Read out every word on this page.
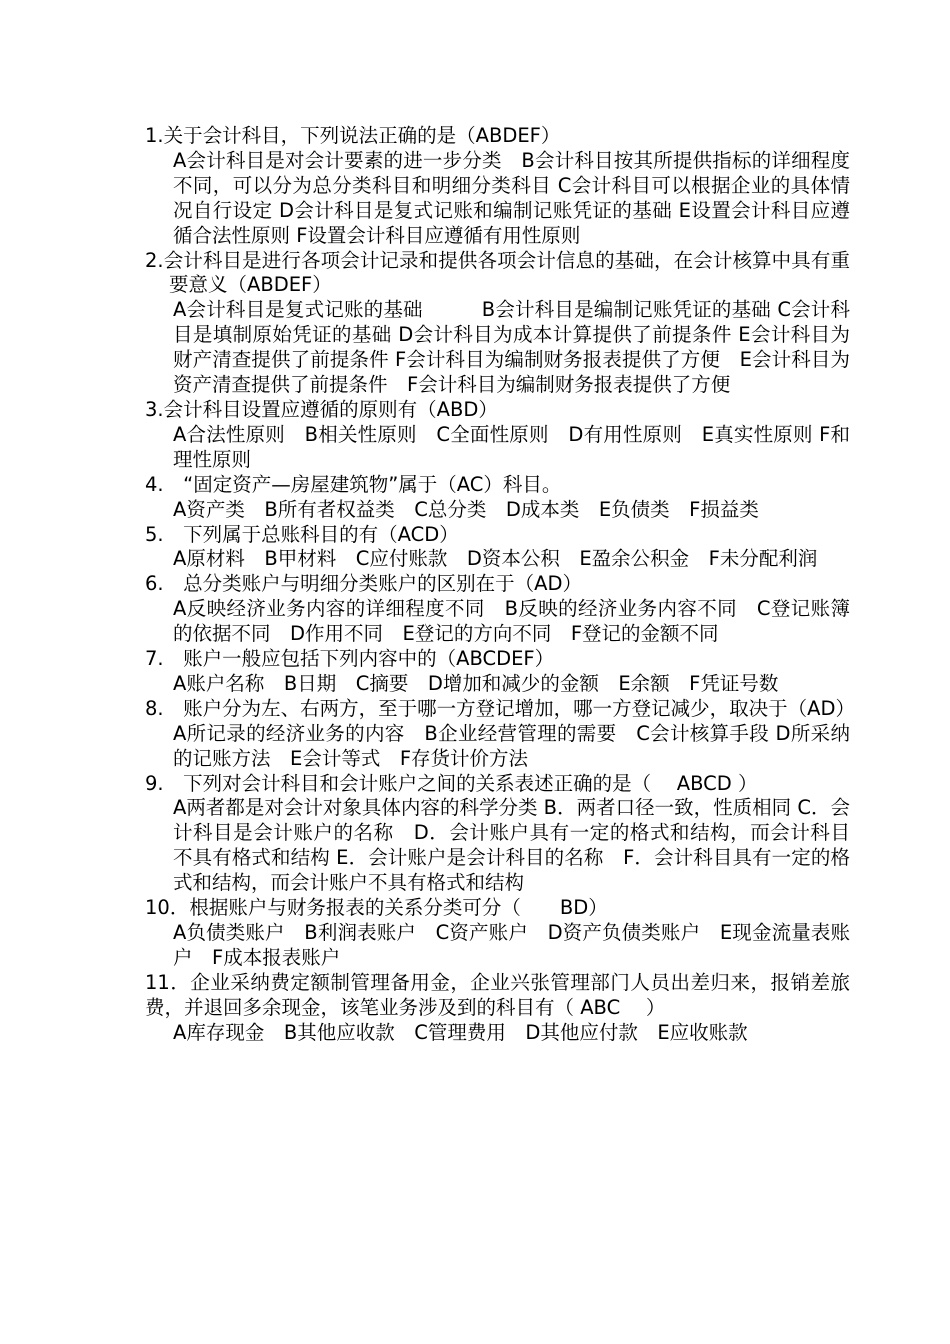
1.关于会计科目，下列说法正确的是（ABDEF）

A会计科目是对会计要素的进一步分类　B会计科目按其所提供指标的详细程度不同，可以分为总分类科目和明细分类科目 C会计科目可以根据企业的具体情况自行设定 D会计科目是复式记账和编制记账凭证的基础 E设置会计科目应遵循合法性原则 F设置会计科目应遵循有用性原则

2.会计科目是进行各项会计记录和提供各项会计信息的基础，在会计核算中具有重要意义（ABDEF）

A会计科目是复式记账的基础　　　B会计科目是编制记账凭证的基础 C会计科目是填制原始凭证的基础 D会计科目为成本计算提供了前提条件 E会计科目为财产清查提供了前提条件 F会计科目为编制财务报表提供了方便　E会计科目为资产清查提供了前提条件　F会计科目为编制财务报表提供了方便

3.会计科目设置应遵循的原则有（ABD）

A合法性原则　B相关性原则　C全面性原则　D有用性原则　E真实性原则 F和理性原则

4.　“固定资产—房屋建筑物”属于（AC）科目。

A资产类　B所有者权益类　C总分类　D成本类　E负债类　F损益类

5.　下列属于总账科目的有（ACD）

A原材料　B甲材料　C应付账款　D资本公积　E盈余公积金　F未分配利润

6.　总分类账户与明细分类账户的区别在于（AD）

A反映经济业务内容的详细程度不同　B反映的经济业务内容不同　C登记账簿的依据不同　D作用不同　E登记的方向不同　F登记的金额不同

7.　账户一般应包括下列内容中的（ABCDEF）

A账户名称　B日期　C摘要　D增加和减少的金额　E余额　F凭证号数

8.　账户分为左、右两方，至于哪一方登记增加，哪一方登记减少，取决于（AD）

A所记录的经济业务的内容　B企业经营管理的需要　C会计核算手段 D所采纳的记账方法　E会计等式　F存货计价方法

9.　下列对会计科目和会计账户之间的关系表述正确的是（　 ABCD ）

A两者都是对会计对象具体内容的科学分类 B．两者口径一致，性质相同 C．会计科目是会计账户的名称　D．会计账户具有一定的格式和结构，而会计科目不具有格式和结构 E．会计账户是会计科目的名称　F．会计科目具有一定的格式和结构，而会计账户不具有格式和结构

10．根据账户与财务报表的关系分类可分（　　BD）

A负债类账户　B利润表账户　C资产账户　D资产负债类账户　E现金流量表账户　F成本报表账户

11．企业采纳费定额制管理备用金，企业兴张管理部门人员出差归来，报销差旅费，并退回多余现金，该笔业务涉及到的科目有（ ABC　 ）

A库存现金　B其他应收款　C管理费用　D其他应付款　E应收账款
